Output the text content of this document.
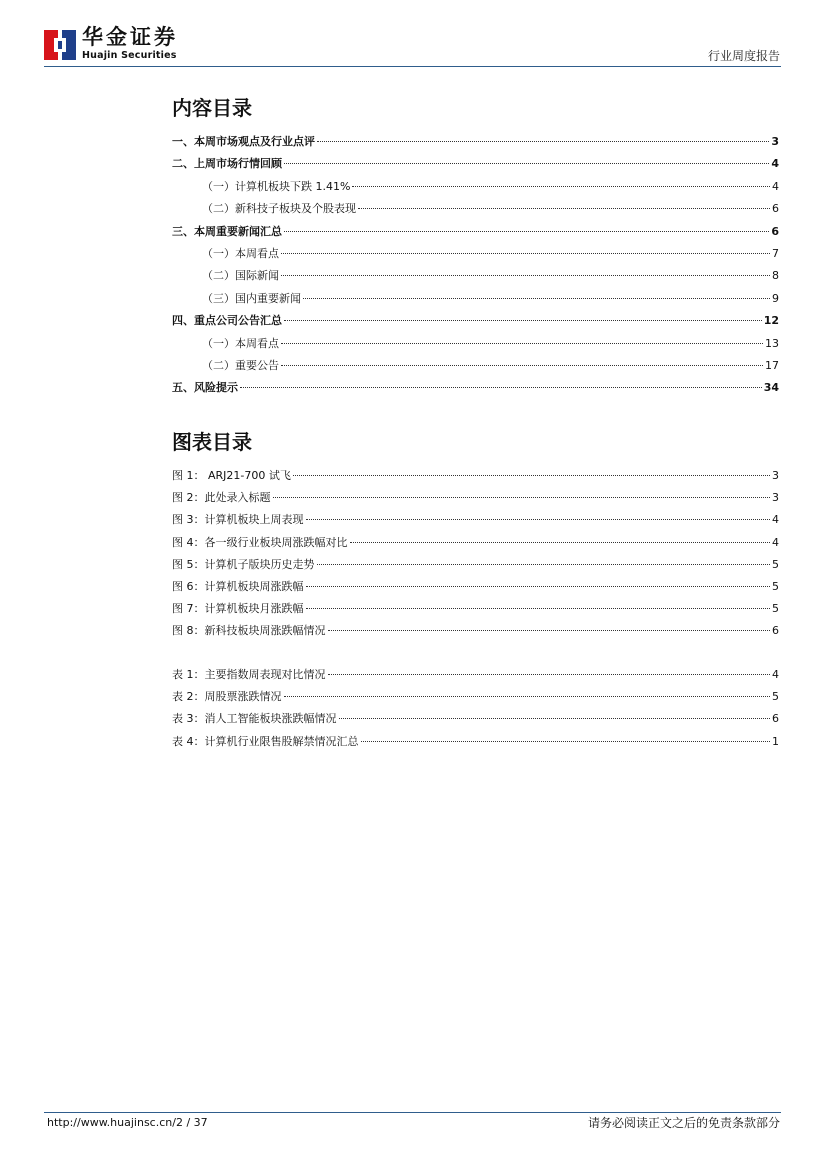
华金证券
Huajin Securities	行业周度报告
内容目录
一、本周市场观点及行业点评	3
二、上周市场行情回顾	4
（一）计算机板块下跌 1.41%	4
（二）新科技子板块及个股表现	6
三、本周重要新闻汇总	6
（一）本周看点	7
（二）国际新闻	8
（三）国内重要新闻	9
四、重点公司公告汇总	12
（一）本周看点	13
（二）重要公告	17
五、风险提示	34
图表目录
图 1： ARJ21-700 试飞	3
图 2：此处录入标题	3
图 3：计算机板块上周表现	4
图 4：各一级行业板块周涨跌幅对比	4
图 5：计算机子版块历史走势	5
图 6：计算机板块周涨跌幅	5
图 7：计算机板块月涨跌幅	5
图 8：新科技板块周涨跌幅情况	6
表 1：主要指数周表现对比情况	4
表 2：周股票涨跌情况	5
表 3：消人工智能板块涨跌幅情况	6
表 4：计算机行业限售股解禁情况汇总	1
http://www.huajinsc.cn/2 / 37	请务必阅读正文之后的免责条款部分
